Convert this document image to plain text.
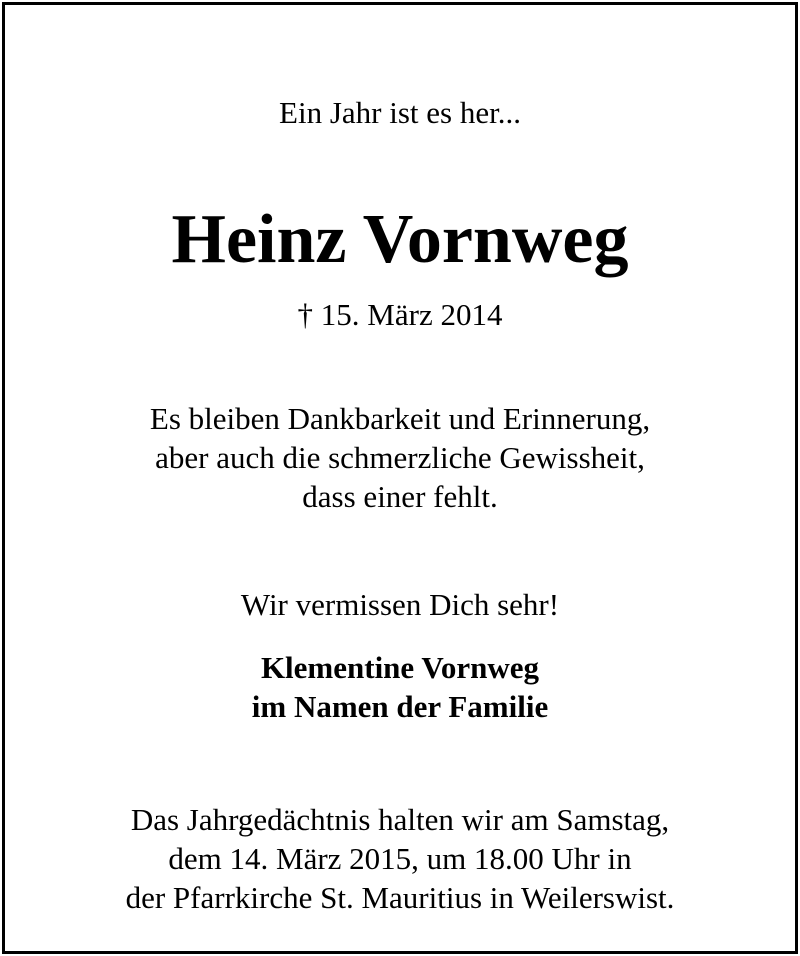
Ein Jahr ist es her...
Heinz Vornweg
† 15. März 2014
Es bleiben Dankbarkeit und Erinnerung,
aber auch die schmerzliche Gewissheit,
dass einer fehlt.
Wir vermissen Dich sehr!
Klementine Vornweg
im Namen der Familie
Das Jahrgedächtnis halten wir am Samstag,
dem 14. März 2015, um 18.00 Uhr in
der Pfarrkirche St. Mauritius in Weilerswist.
